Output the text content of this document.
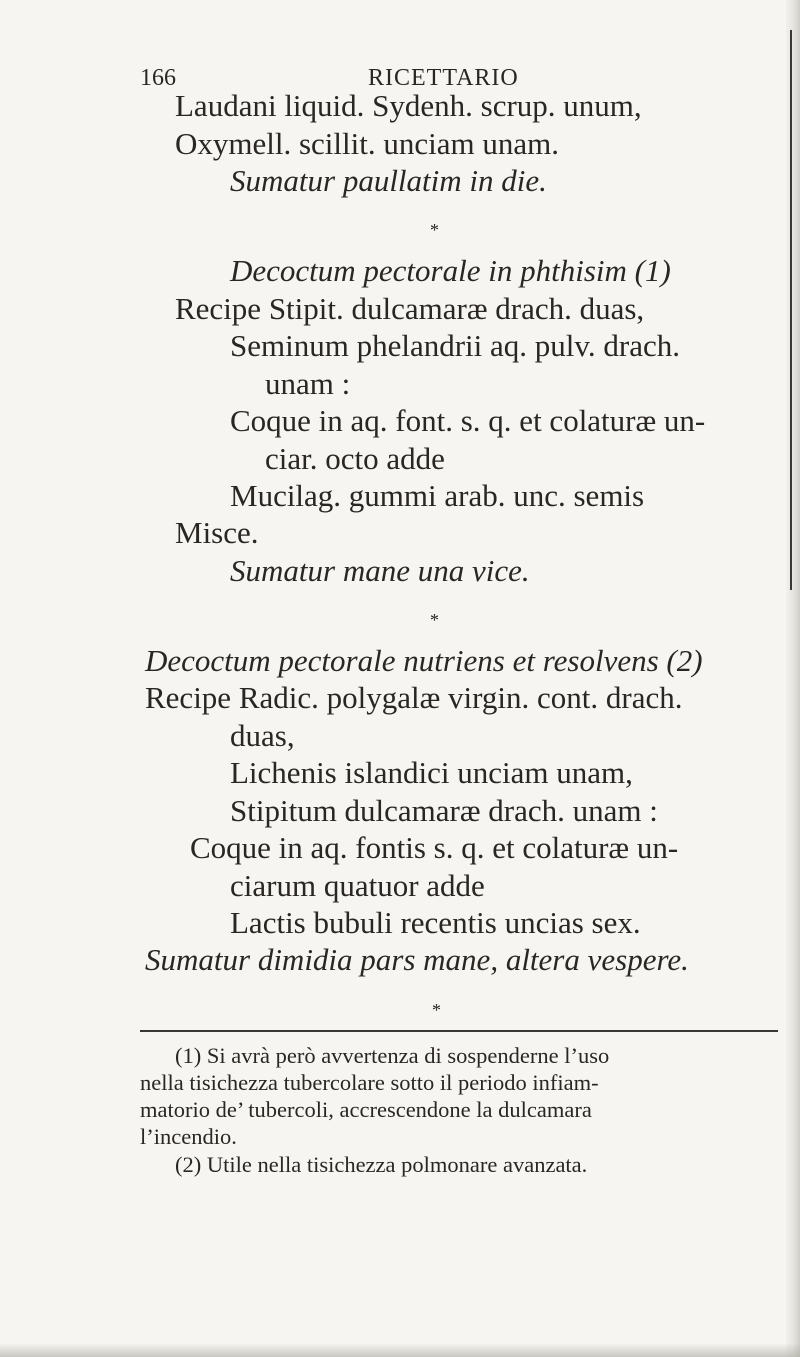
166	RICETTARIO
Laudani liquid. Sydenh. scrup. unum,
Oxymell. scillit. unciam unam.
Sumatur paullatim in die.
*
Decoctum pectorale in phthisim (1)
Recipe Stipit. dulcamaræ drach. duas,
Seminum phelandrii aq. pulv. drach.
unam :
Coque in aq. font. s. q. et colaturæ un-
ciar. octo adde
Mucilag. gummi arab. unc. semis
Misce.
Sumatur mane una vice.
*
Decoctum pectorale nutriens et resolvens (2)
Recipe Radic. polygalæ virgin. cont. drach.
duas,
Lichenis islandici unciam unam,
Stipitum dulcamaræ drach. unam :
Coque in aq. fontis s. q. et colaturæ un-
ciarum quatuor adde
Lactis bubuli recentis uncias sex.
Sumatur dimidia pars mane, altera vespere.
*
(1) Si avrà però avvertenza di sospenderne l’uso
nella tisichezza tubercolare sotto il periodo infiam-
matorio de’ tubercoli, accrescendone la dulcamara
l’incendio.
(2) Utile nella tisichezza polmonare avanzata.
